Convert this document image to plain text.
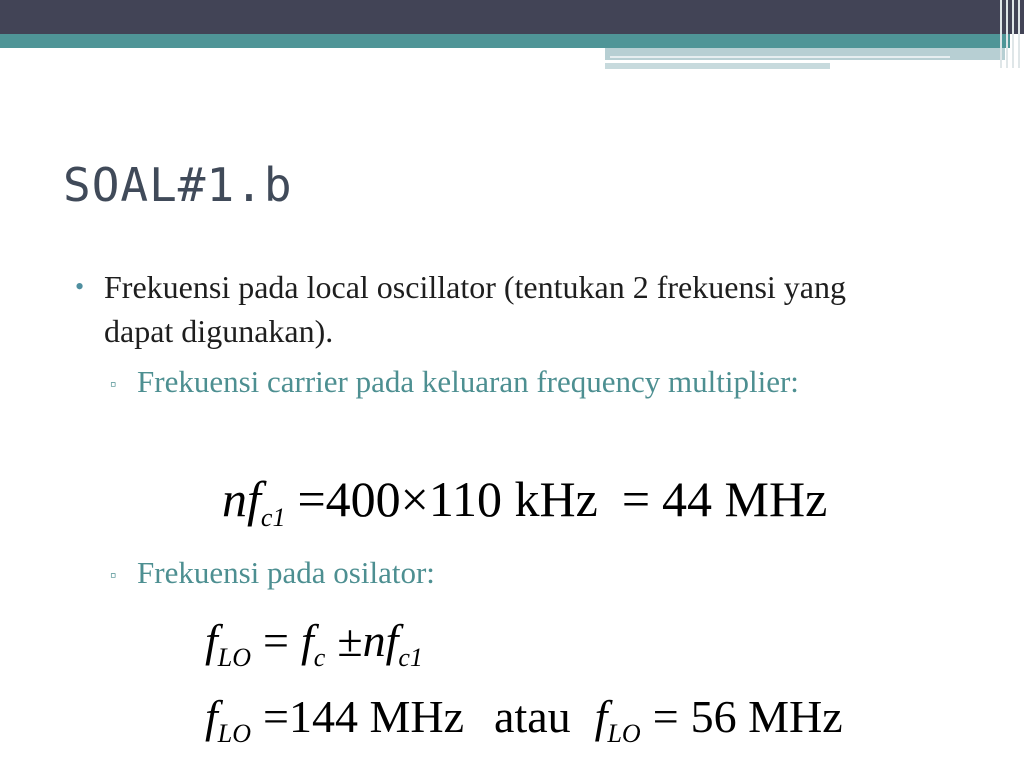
SOAL#1.b
• Frekuensi pada local oscillator (tentukan 2 frekuensi yang dapat digunakan).
▫ Frekuensi carrier pada keluaran frequency multiplier:
$nf_{c1} =400\times 110$ kHz = 44 MHz
▫ Frekuensi pada osilator:
$f_{LO} = f_c \pm nf_{c1}$
$f_{LO} =144$ MHz atau $f_{LO} = 56$ MHz
